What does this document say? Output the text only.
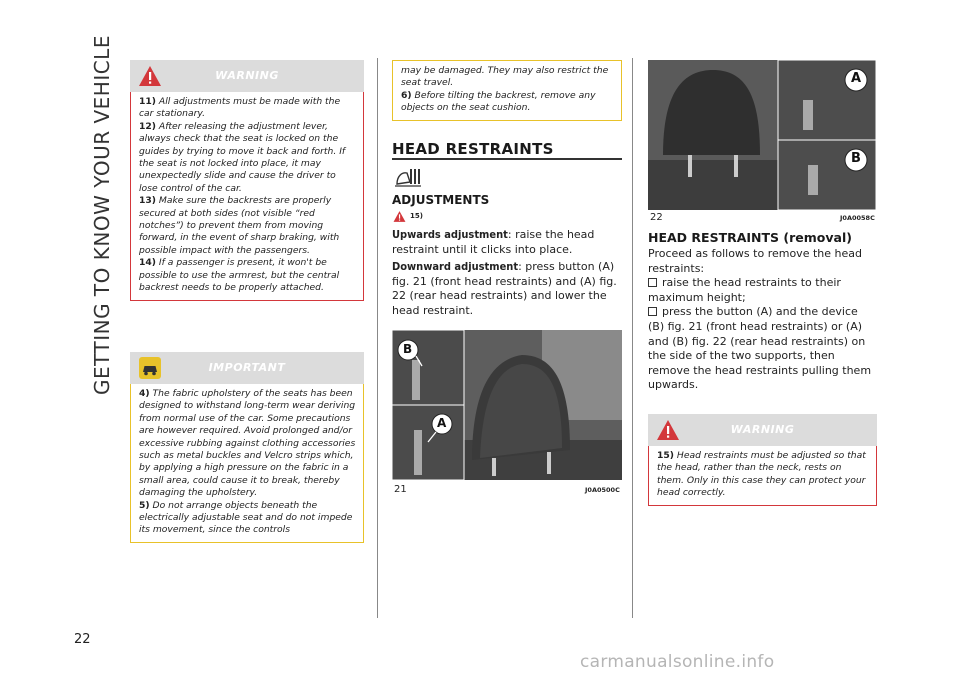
GETTING TO KNOW YOUR VEHICLE
22
WARNING

11) All adjustments must be made with the car stationary.

12) After releasing the adjustment lever, always check that the seat is locked on the guides by trying to move it back and forth. If the seat is not locked into place, it may unexpectedly slide and cause the driver to lose control of the car.

13) Make sure the backrests are properly secured at both sides (not visible “red notches”) to prevent them from moving forward, in the event of sharp braking, with possible impact with the passengers.

14) If a passenger is present, it won't be possible to use the armrest, but the central backrest needs to be properly attached.

IMPORTANT

4) The fabric upholstery of the seats has been designed to withstand long-term wear deriving from normal use of the car. Some precautions are however required. Avoid prolonged and/or excessive rubbing against clothing accessories such as metal buckles and Velcro strips which, by applying a high pressure on the fabric in a small area, could cause it to break, thereby damaging the upholstery.

5) Do not arrange objects beneath the electrically adjustable seat and do not impede its movement, since the controls

may be damaged. They may also restrict the seat travel.

6) Before tilting the backrest, remove any objects on the seat cushion.

HEAD RESTRAINTS
ADJUSTMENTS
15)

Upwards adjustment: raise the head restraint until it clicks into place.

Downward adjustment: press button (A) fig. 21 (front head restraints) and (A) fig. 22 (rear head restraints) and lower the head restraint.

B
A
21	J0A0500C
A
B
22	J0A0058C
HEAD RESTRAINTS (removal)

Proceed as follows to remove the head restraints:

raise the head restraints to their maximum height;

press the button (A) and the device (B) fig. 21 (front head restraints) or (A) and (B) fig. 22 (rear head restraints) on the side of the two supports, then remove the head restraints pulling them upwards.

WARNING

15) Head restraints must be adjusted so that the head, rather than the neck, rests on them. Only in this case they can protect your head correctly.

carmanualsonline.info
